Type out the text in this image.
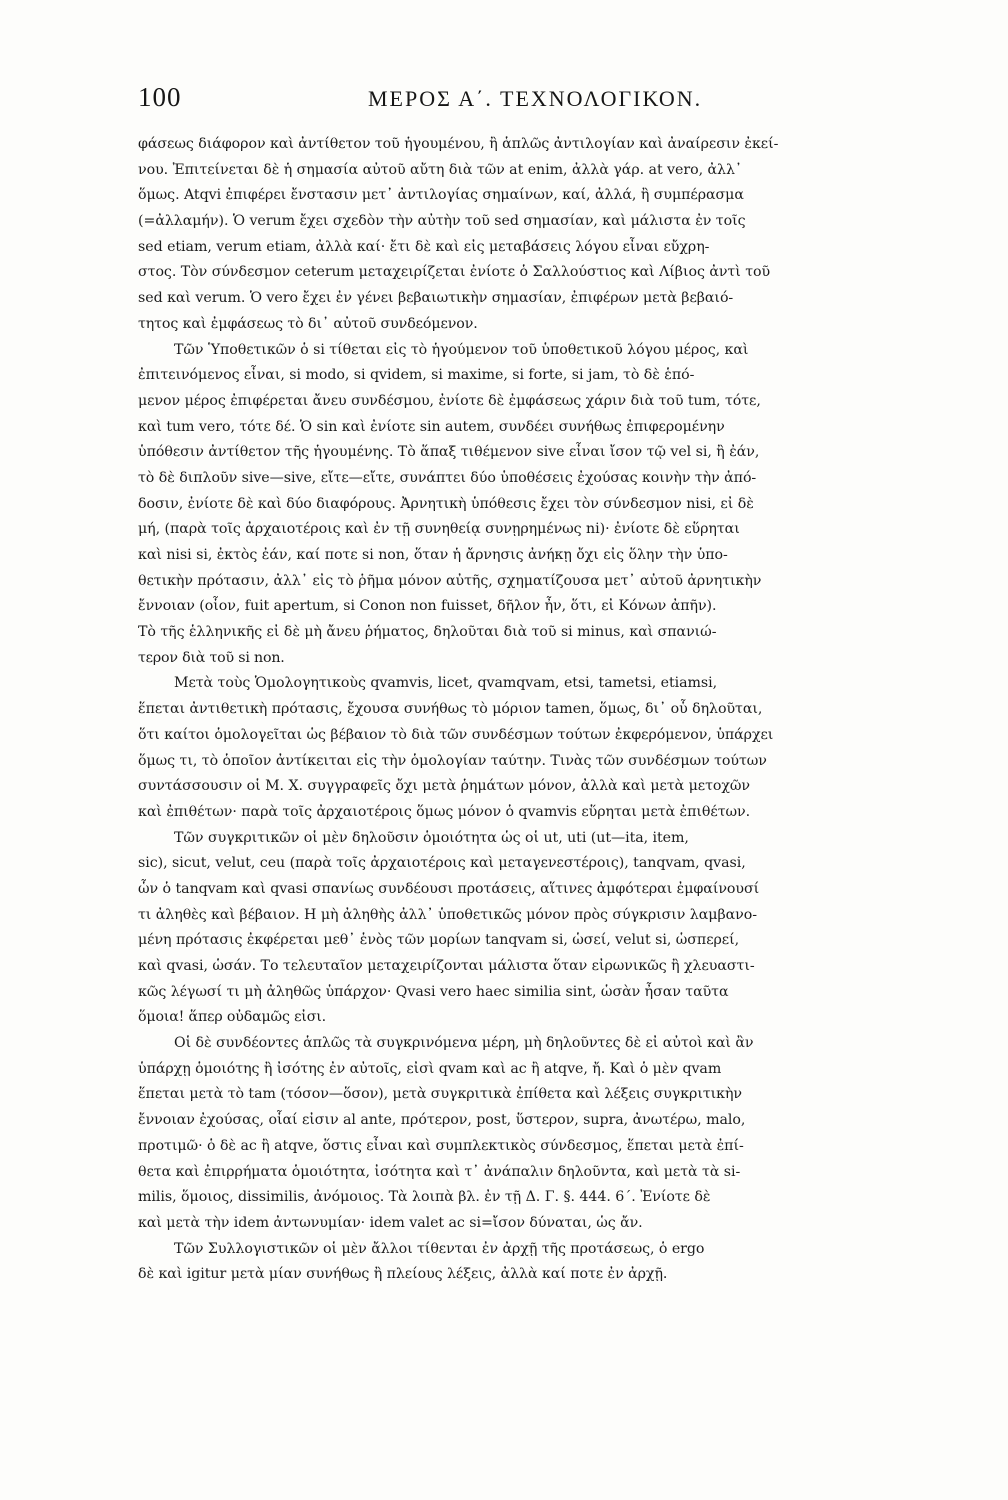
100	ΜΕΡΟΣ Α΄. ΤΕΧΝΟΛΟΓΙΚΟΝ.
φάσεως διάφορον καὶ ἀντίθετον τοῦ ἡγουμένου, ἢ ἁπλῶς ἀντιλογίαν καὶ ἀναίρεσιν ἐκεί-
νου. Ἐπιτείνεται δὲ ἡ σημασία αὐτοῦ αὔτη διὰ τῶν at enim, ἀλλὰ γάρ. at vero, ἀλλ᾽
ὅμως. Atqvi ἐπιφέρει ἔνστασιν μετ᾽ ἀντιλογίας σημαίνων, καί, ἀλλά, ἢ συμπέρασμα
(=ἀλλαμήν). Ὁ verum ἔχει σχεδὸν τὴν αὐτὴν τοῦ sed σημασίαν, καὶ μάλιστα ἐν τοῖς
sed etiam, verum etiam, ἀλλὰ καί· ἔτι δὲ καὶ εἰς μεταβάσεις λόγου εἶναι εὔχρη-
στος. Τὸν σύνδεσμον ceterum μεταχειρίζεται ἐνίοτε ὁ Σαλλούστιος καὶ Λίβιος ἀντὶ τοῦ
sed καὶ verum. Ὁ vero ἔχει ἐν γένει βεβαιωτικὴν σημασίαν, ἐπιφέρων μετὰ βεβαιό-
τητος καὶ ἐμφάσεως τὸ δι᾽ αὐτοῦ συνδεόμενον.
Τῶν Ὑποθετικῶν ὁ si τίθεται εἰς τὸ ἡγούμενον τοῦ ὑποθετικοῦ λόγου μέρος, καὶ
ἐπιτεινόμενος εἶναι, si modo, si qvidem, si maxime, si forte, si jam, τὸ δὲ ἑπό-
μενον μέρος ἐπιφέρεται ἄνευ συνδέσμου, ἐνίοτε δὲ ἐμφάσεως χάριν διὰ τοῦ tum, τότε,
καὶ tum vero, τότε δέ. Ὁ sin καὶ ἐνίοτε sin autem, συνδέει συνήθως ἐπιφερομένην
ὑπόθεσιν ἀντίθετον τῆς ἡγουμένης. Τὸ ἅπαξ τιθέμενον sive εἶναι ἴσον τῷ vel si, ἢ ἐάν,
τὸ δὲ διπλοῦν sive—sive, εἴτε—εἴτε, συνάπτει δύο ὑποθέσεις ἐχούσας κοινὴν τὴν ἀπό-
δοσιν, ἐνίοτε δὲ καὶ δύο διαφόρους. Ἀρνητικὴ ὑπόθεσις ἔχει τὸν σύνδεσμον nisi, εἰ δὲ
μή, (παρὰ τοῖς ἀρχαιοτέροις καὶ ἐν τῇ συνηθείᾳ συνῃρημένως ni)· ἐνίοτε δὲ εὕρηται
καὶ nisi si, ἐκτὸς ἐάν, καί ποτε si non, ὅταν ἡ ἄρνησις ἀνήκῃ ὄχι εἰς ὅλην τὴν ὑπο-
θετικὴν πρότασιν, ἀλλ᾽ εἰς τὸ ῥῆμα μόνον αὐτῆς, σχηματίζουσα μετ᾽ αὐτοῦ ἀρνητικὴν
ἔννοιαν (οἷον, fuit apertum, si Conon non fuisset, δῆλον ἦν, ὅτι, εἰ Κόνων ἀπῆν).
Τὸ τῆς ἑλληνικῆς εἰ δὲ μὴ ἄνευ ῥήματος, δηλοῦται διὰ τοῦ si minus, καὶ σπανιώ-
τερον διὰ τοῦ si non.
Μετὰ τοὺς Ὁμολογητικοὺς qvamvis, licet, qvamqvam, etsi, tametsi, etiamsi,
ἕπεται ἀντιθετικὴ πρότασις, ἔχουσα συνήθως τὸ μόριον tamen, ὅμως, δι᾽ οὗ δηλοῦται,
ὅτι καίτοι ὁμολογεῖται ὡς βέβαιον τὸ διὰ τῶν συνδέσμων τούτων ἐκφερόμενον, ὑπάρχει
ὅμως τι, τὸ ὁποῖον ἀντίκειται εἰς τὴν ὁμολογίαν ταύτην. Τινὰς τῶν συνδέσμων τούτων
συντάσσουσιν οἱ Μ. Χ. συγγραφεῖς ὄχι μετὰ ῥημάτων μόνον, ἀλλὰ καὶ μετὰ μετοχῶν
καὶ ἐπιθέτων· παρὰ τοῖς ἀρχαιοτέροις ὅμως μόνον ὁ qvamvis εὕρηται μετὰ ἐπιθέτων.
Τῶν συγκριτικῶν οἱ μὲν δηλοῦσιν ὁμοιότητα ὡς οἱ ut, uti (ut—ita, item,
sic), sicut, velut, ceu (παρὰ τοῖς ἀρχαιοτέροις καὶ μεταγενεστέροις), tanqvam, qvasi,
ὧν ὁ tanqvam καὶ qvasi σπανίως συνδέουσι προτάσεις, αἵτινες ἀμφότεραι ἐμφαίνουσί
τι ἀληθὲς καὶ βέβαιον. Η μὴ ἀληθὴς ἀλλ᾽ ὑποθετικῶς μόνον πρὸς σύγκρισιν λαμβανο-
μένη πρότασις ἐκφέρεται μεθ᾽ ἑνὸς τῶν μορίων tanqvam si, ὡσεί, velut si, ὡσπερεί,
καὶ qvasi, ὡσάν. Το τελευταῖον μεταχειρίζονται μάλιστα ὅταν εἰρωνικῶς ἢ χλευαστι-
κῶς λέγωσί τι μὴ ἀληθῶς ὑπάρχον· Qvasi vero haec similia sint, ὡσὰν ἦσαν ταῦτα
ὅμοια! ἅπερ οὐδαμῶς εἰσι.
Οἱ δὲ συνδέοντες ἁπλῶς τὰ συγκρινόμενα μέρη, μὴ δηλοῦντες δὲ εἰ αὐτοὶ καὶ ἂν
ὑπάρχῃ ὁμοιότης ἢ ἰσότης ἐν αὐτοῖς, εἰσὶ qvam καὶ ac ἢ atqve, ἤ. Καὶ ὁ μὲν qvam
ἕπεται μετὰ τὸ tam (τόσον—ὅσον), μετὰ συγκριτικὰ ἐπίθετα καὶ λέξεις συγκριτικὴν
ἔννοιαν ἐχούσας, οἷαί εἰσιν al ante, πρότερον, post, ὕστερον, supra, ἀνωτέρω, malo,
προτιμῶ· ὁ δὲ ac ἢ atqve, ὅστις εἶναι καὶ συμπλεκτικὸς σύνδεσμος, ἕπεται μετὰ ἐπί-
θετα καὶ ἐπιρρήματα ὁμοιότητα, ἰσότητα καὶ τ᾽ ἀνάπαλιν δηλοῦντα, καὶ μετὰ τὰ si-
milis, ὅμοιος, dissimilis, ἀνόμοιος. Τὰ λοιπὰ βλ. ἐν τῇ Δ. Γ. §. 444. 6΄. Ἐνίοτε δὲ
καὶ μετὰ τὴν idem ἀντωνυμίαν· idem valet ac si=ἴσον δύναται, ὡς ἄν.
Τῶν Συλλογιστικῶν οἱ μὲν ἄλλοι τίθενται ἐν ἀρχῇ τῆς προτάσεως, ὁ ergo
δὲ καὶ igitur μετὰ μίαν συνήθως ἢ πλείους λέξεις, ἀλλὰ καί ποτε ἐν ἀρχῇ.
